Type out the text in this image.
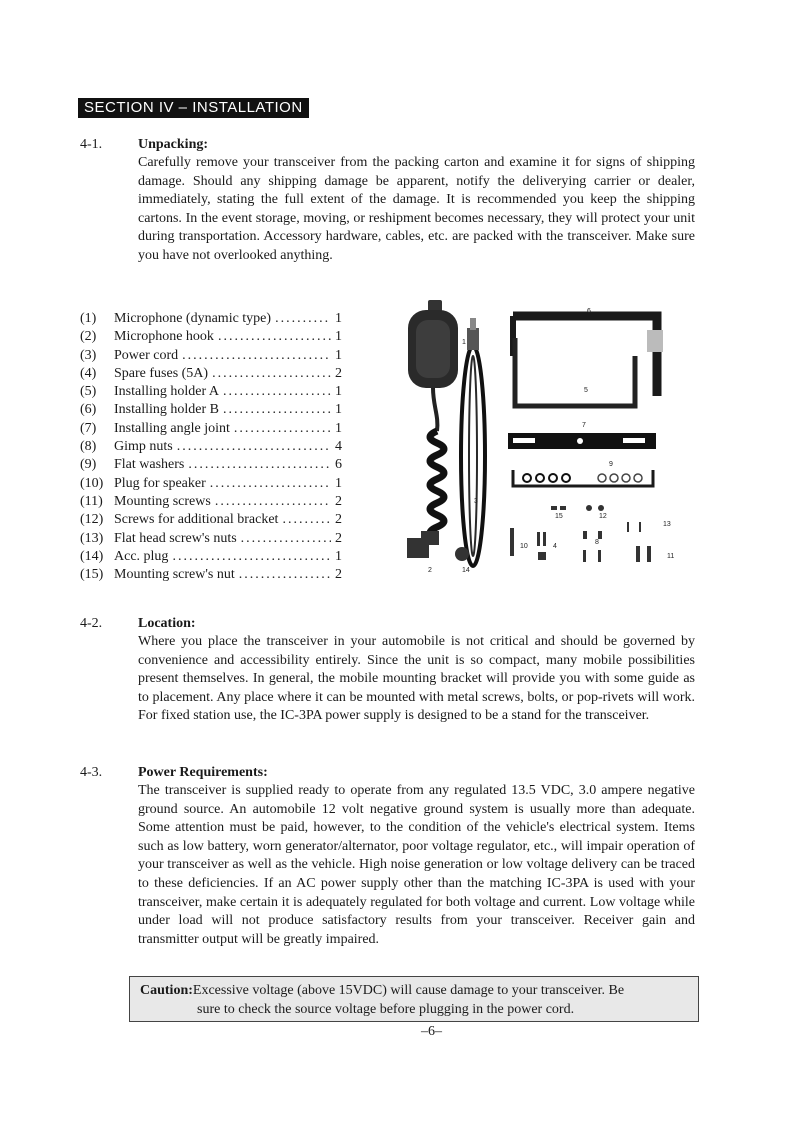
SECTION IV – INSTALLATION
4-1.	Unpacking:

Carefully remove your transceiver from the packing carton and examine it for signs of shipping damage. Should any shipping damage be apparent, notify the deliverying carrier or dealer, immediately, stating the full extent of the damage. It is recommended you keep the shipping cartons. In the event storage, moving, or reshipment becomes necessary, they will protect your unit during transportation. Accessory hardware, cables, etc. are packed with the transceiver. Make sure you have not overlooked anything.

(1)	Microphone (dynamic type) .....	1
(2)	Microphone hook .....	1
(3)	Power cord .....	1
(4)	Spare fuses (5A) .....	2
(5)	Installing holder A .....	1
(6)	Installing holder B .....	1
(7)	Installing angle joint .....	1
(8)	Gimp nuts .....	4
(9)	Flat washers .....	6
(10) Plug for speaker .....	1
(11) Mounting screws .....	2
(12) Screws for additional bracket .....	2
(13) Flat head screw's nuts .....	2
(14) Acc. plug .....	1
(15) Mounting screw's nut .....	2
1
2
3
4
5
6
7
8
9
10
11
12
13
14
15
4-2.	Location:

Where you place the transceiver in your automobile is not critical and should be governed by convenience and accessibility entirely. Since the unit is so compact, many mobile possibilities present themselves. In general, the mobile mounting bracket will provide you with some guide as to placement. Any place where it can be mounted with metal screws, bolts, or pop-rivets will work. For fixed station use, the IC-3PA power supply is designed to be a stand for the transceiver.

4-3.	Power Requirements:

The transceiver is supplied ready to operate from any regulated 13.5 VDC, 3.0 ampere negative ground source. An automobile 12 volt negative ground system is usually more than adequate. Some attention must be paid, however, to the condition of the vehicle's electrical system. Items such as low battery, worn generator/alternator, poor voltage regulator, etc., will impair operation of your transceiver as well as the vehicle. High noise generation or low voltage delivery can be traced to these deficiencies. If an AC power supply other than the matching IC-3PA is used with your transceiver, make certain it is adequately regulated for both voltage and current. Low voltage while under load will not produce satisfactory results from your transceiver. Receiver gain and transmitter output will be greatly impaired.

Caution:Excessive voltage (above 15VDC) will cause damage to your transceiver. Be
sure to check the source voltage before plugging in the power cord.
–6–
